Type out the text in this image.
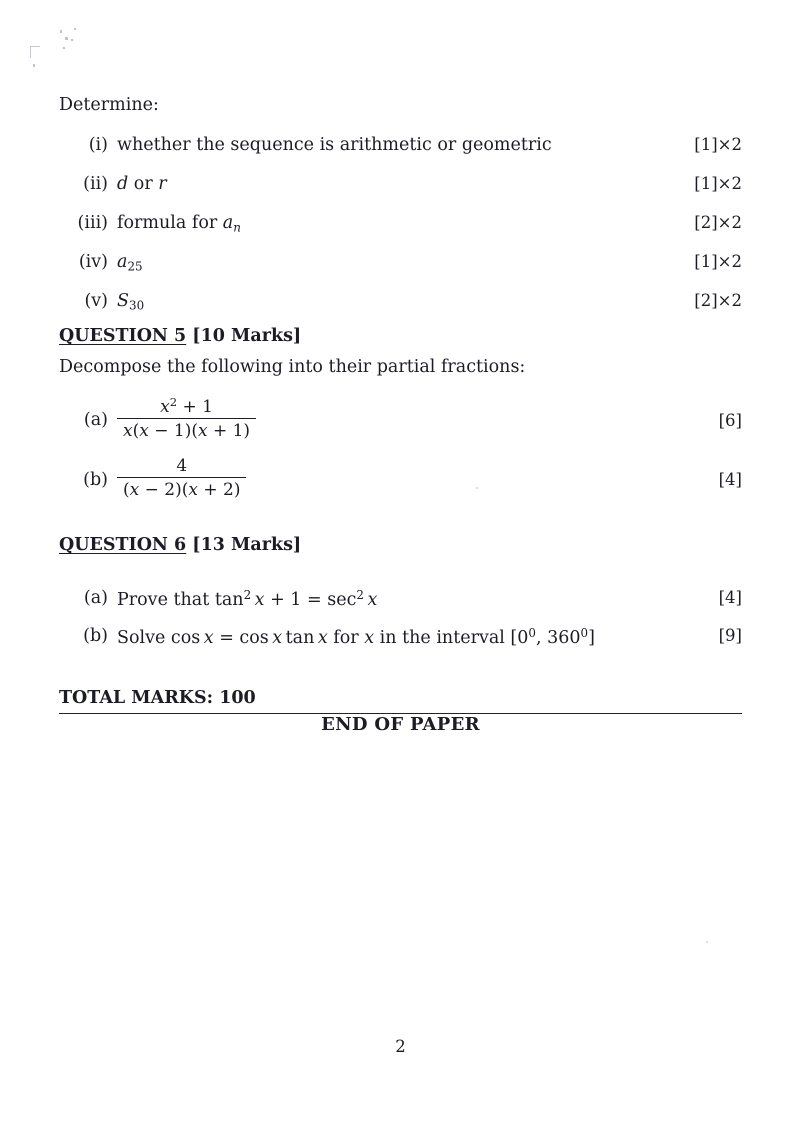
Determine:
(i) whether the sequence is arithmetic or geometric	[1]×2
(ii) d or r	[1]×2
(iii) formula for $a_n$	[2]×2
(iv) $a_{25}$	[1]×2
(v) $S_{30}$	[2]×2
QUESTION 5 [10 Marks]
Decompose the following into their partial fractions:
$(a) \frac{x^2 + 1}{x(x - 1)(x + 1)}$	[6]
$(b) \frac{4}{(x - 2)(x + 2)}$	[4]
QUESTION 6 [13 Marks]
(a) Prove that $\tan^2 x + 1 = \sec^2 x$	[4]
(b) Solve cos x = cos x tan x for x in the interval [$0^0$, $360^0$]	[9]
TOTAL MARKS: 100
END OF PAPER
2
